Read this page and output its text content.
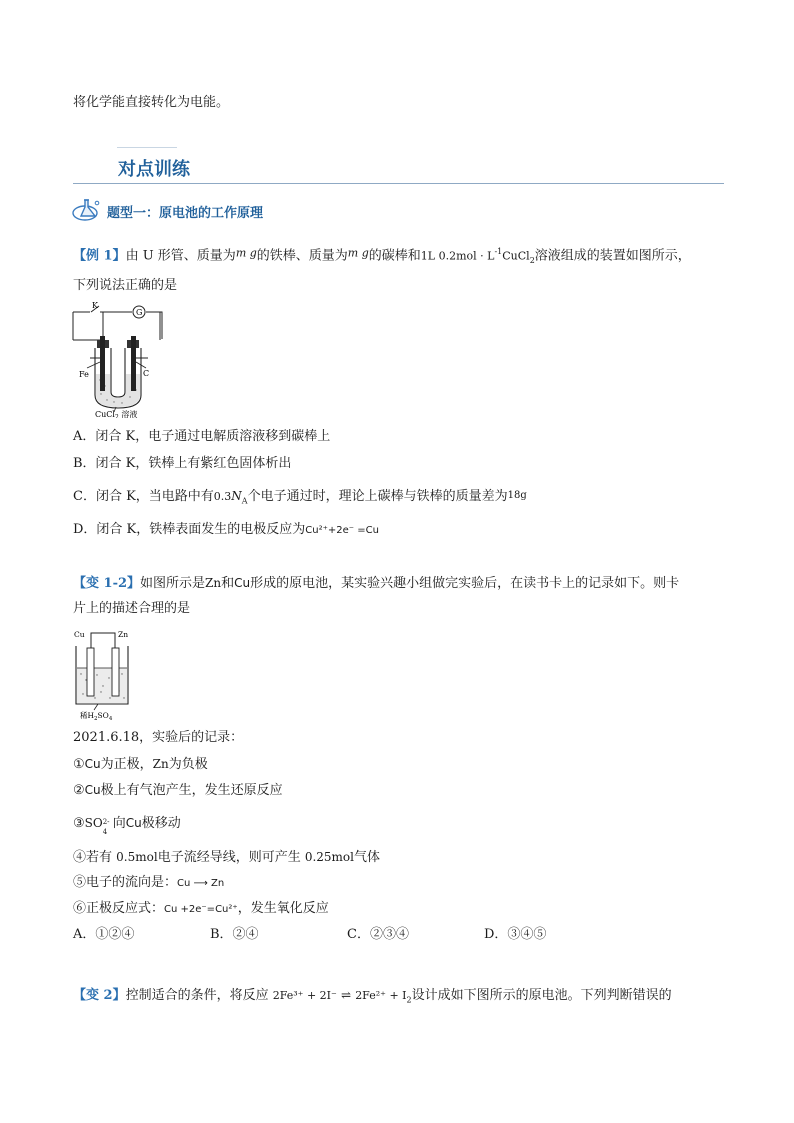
将化学能直接转化为电能。
对点训练
题型一：原电池的工作原理
【例 1】由 U 形管、质量为$^{m g}$的铁棒、质量为$^{m g}$的碳棒和1L $0.2mol \cdot L^{-1}CuCl_2$溶液组成的装置如图所示，
下列说法正确的是
K
G
Fe	C
CuCl$_2$ 溶液
A．闭合 K，电子通过电解质溶液移到碳棒上
B．闭合 K，铁棒上有紫红色固体析出
C．闭合 K，当电路中有$0.3N_A$个电子通过时，理论上碳棒与铁棒的质量差为18g
D．闭合 K，铁棒表面发生的电极反应为Cu²⁺+2e⁻ =Cu
【变 1-2】如图所示是Zn和Cu形成的原电池，某实验兴趣小组做完实验后，在读书卡上的记录如下。则卡
片上的描述合理的是
Cu	Zn
稀$H_2SO_4$
2021.6.18，实验后的记录：
①Cu为正极，Zn为负极
②Cu极上有气泡产生，发生还原反应
③SO 2-
4
向Cu极移动
④若有 0.5mol电子流经导线，则可产生 0.25mol气体
⑤电子的流向是：Cu ⟶ Zn
⑥正极反应式：Cu +2e⁻=Cu²⁺，发生氧化反应
A．①②④	B．②④	C．②③④	D．③④⑤
【变 2】控制适合的条件，将反应 2Fe³⁺ + 2I⁻ ⇌ $2Fe^{2+} + I_2$设计成如下图所示的原电池。下列判断错误的
